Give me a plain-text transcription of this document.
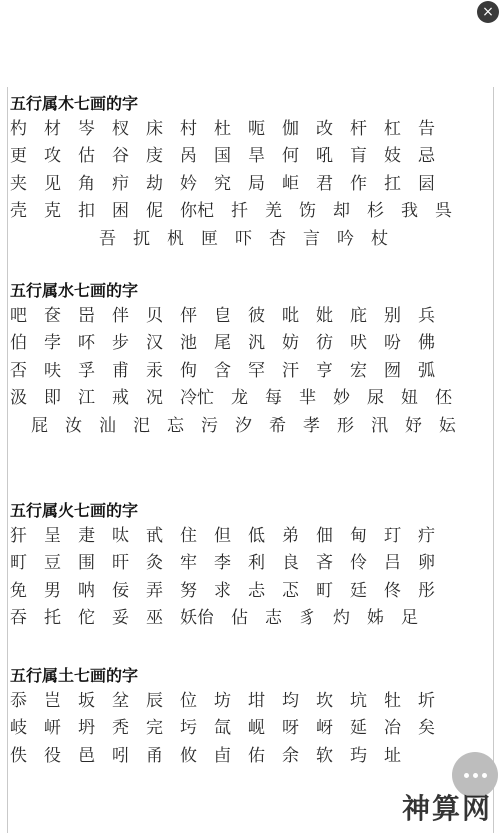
×
五行属木七画的字
杓 材 岑 杈 床 村 杜 呃 伽 改 杆 杠 告
更 攻 估 谷 庋 呙 国 旱 何 吼 肓 妓 忌
夹 见 角 疖 劫 妗 究 局 岠 君 作 扛 囩
壳 克 扣 困 伲 你杞 扦 羌 饬 却 杉 我 呉
吾 扤 杋 匣 吓 杏 言 吟 杖
五行属水七画的字
吧 奁 岊 伴 贝 伻 皀 彼 吡 妣 庇 别 兵
伯 孛 吥 步 汉 池 尾 汎 妨 彷 吠 吩 佛
否 呋 孚 甫 汞 佝 含 罕 汗 亨 宏 囫 弧
汲 即 江 戒 况 冷忙 龙 每 芈 妙 尿 妞 伾
屁 汝 汕 汜 忘 污 汐 希 孝 形 汛 妤 妘
五行属火七画的字
犴 呈 疌 呔 甙 住 但 低 弟 佃 甸 玎 疔
町 豆 围 旰 灸 牢 李 利 良 吝 伶 吕 卵
免 男 呐 佞 弄 努 求 忐 忑 町 廷 佟 彤
吞 托 佗 妥 巫 妖佁 佔 志 豸 灼 姊 足
五行属土七画的字
忝 岂 坂 坌 辰 位 坊 坩 均 坎 坑 牡 圻
岐 岍 坍 秃 完 圬 氙 岘 呀 岈 延 冶 矣
佚 役 邑 吲 甬 攸 卣 佑 余 软 玙 址
神算网
